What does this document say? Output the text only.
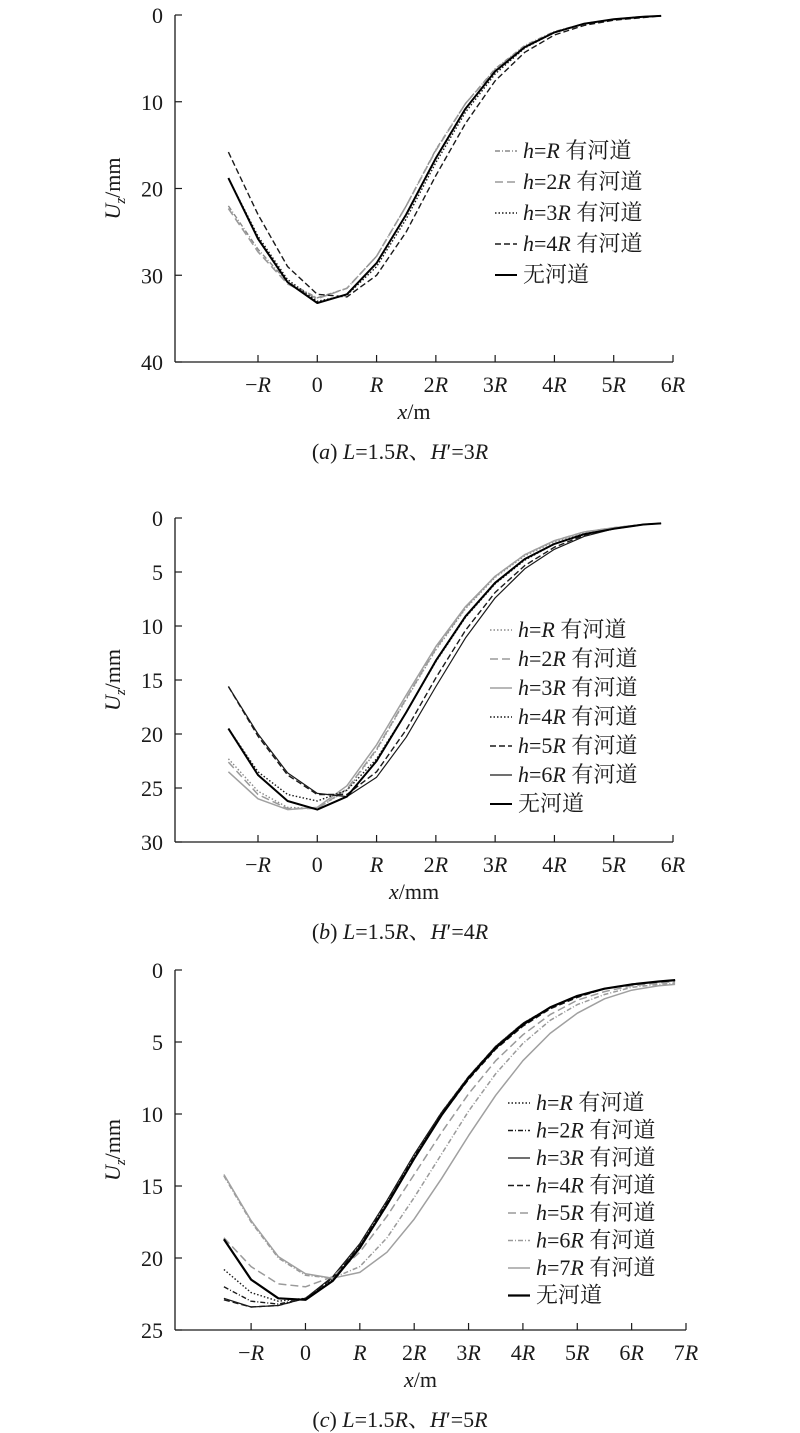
0
10
20
30
40
−R 0 R 2R 3R 4R 5R 6R
x/m
$U_z/mm$
h=R 有河道
h=2R 有河道
h=3R 有河道
h=4R 有河道
无河道
(a) L=1.5R、H′=3R
0
5
10
15
20
25
30
−R 0 R 2R 3R 4R 5R 6R
x/mm
$U_z/mm$
h=R 有河道
h=2R 有河道
h=3R 有河道
h=4R 有河道
h=5R 有河道
h=6R 有河道
无河道
(b) L=1.5R、H′=4R
0
5
10
15
20
25
−R 0 R 2R 3R 4R 5R 6R 7R
x/m
$U_z/mm$
h=R 有河道
h=2R 有河道
h=3R 有河道
h=4R 有河道
h=5R 有河道
h=6R 有河道
h=7R 有河道
无河道
(c) L=1.5R、H′=5R
